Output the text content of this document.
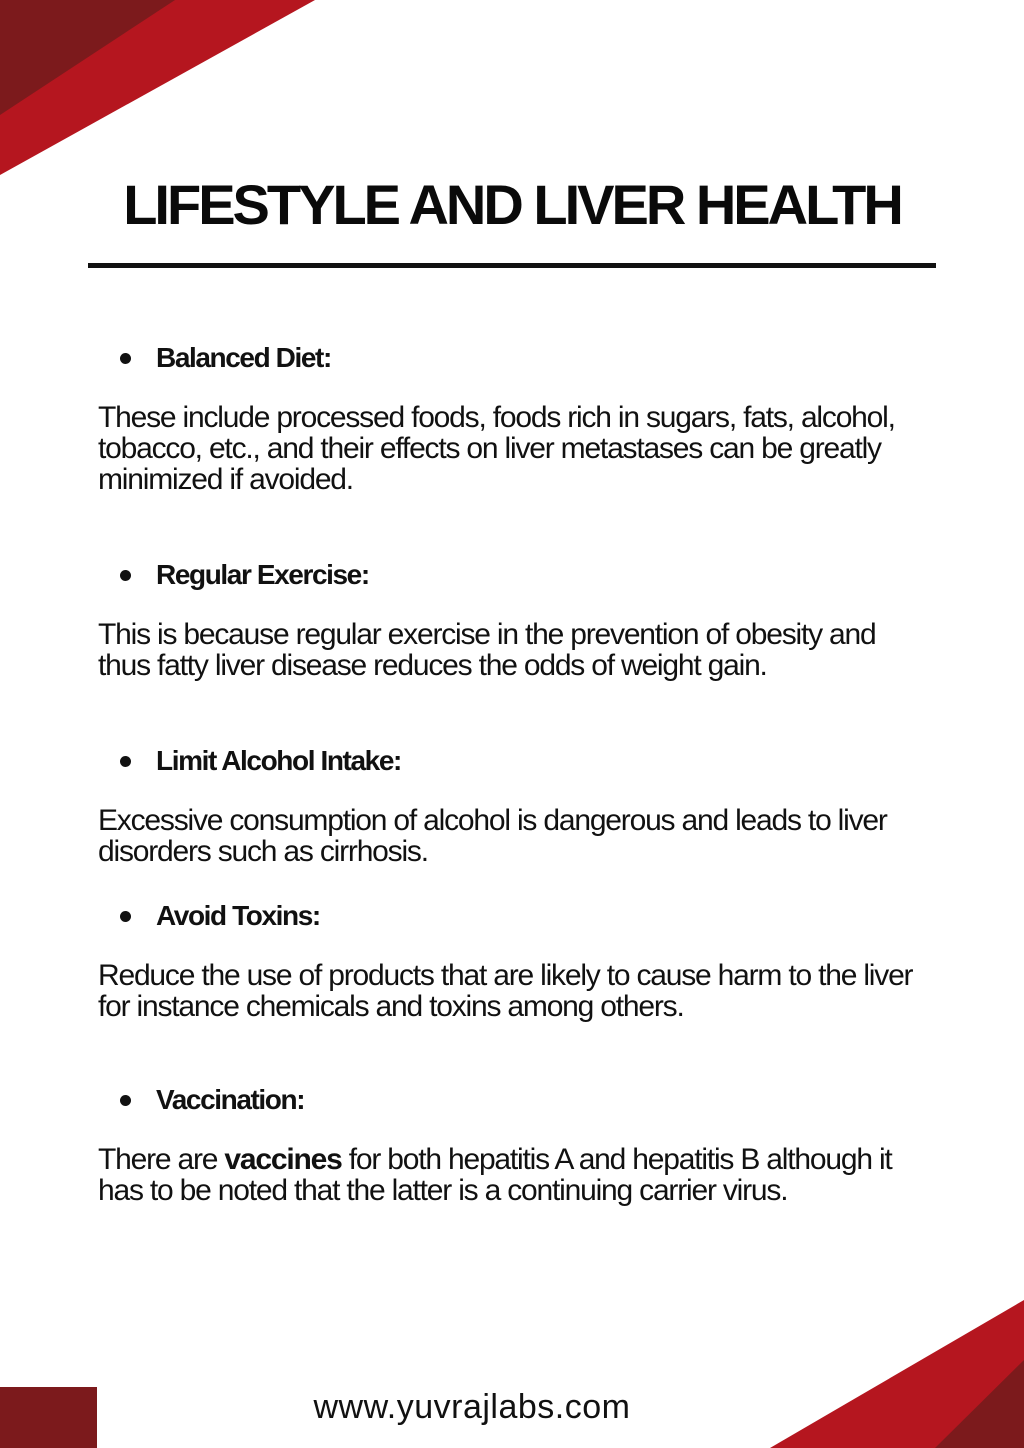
LIFESTYLE AND LIVER HEALTH
Balanced Diet:

These include processed foods, foods rich in sugars, fats, alcohol, tobacco, etc., and their effects on liver metastases can be greatly minimized if avoided.

Regular Exercise:

This is because regular exercise in the prevention of obesity and thus fatty liver disease reduces the odds of weight gain.

Limit Alcohol Intake:

Excessive consumption of alcohol is dangerous and leads to liver disorders such as cirrhosis.

Avoid Toxins:

Reduce the use of products that are likely to cause harm to the liver for instance chemicals and toxins among others.

Vaccination:

There are vaccines for both hepatitis A and hepatitis B although it has to be noted that the latter is a continuing carrier virus.

www.yuvrajlabs.com
